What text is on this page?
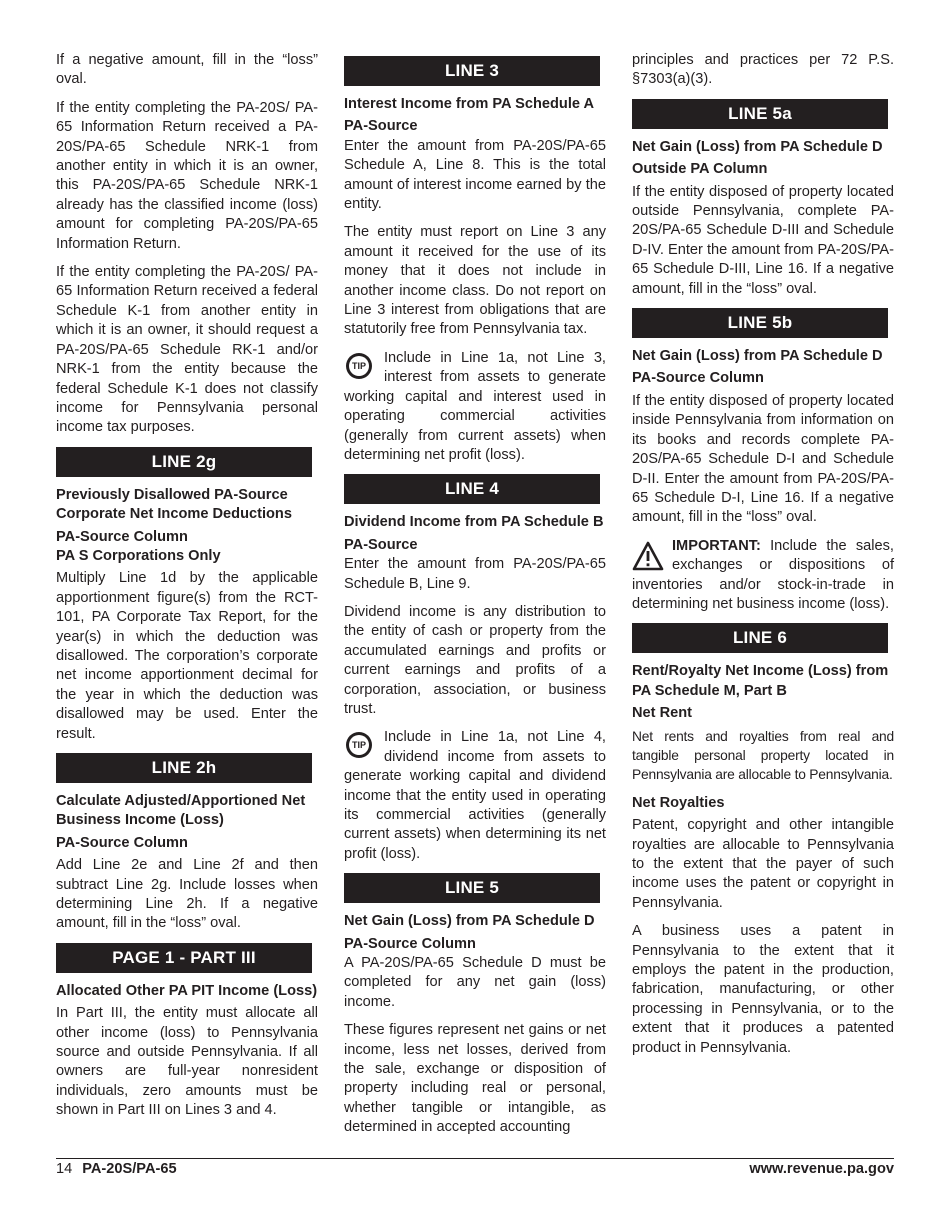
If a negative amount, fill in the “loss” oval.

If the entity completing the PA-20S/ PA-65 Information Return received a PA-20S/PA-65 Schedule NRK-1 from another entity in which it is an owner, this PA-20S/PA-65 Schedule NRK-1 already has the classified income (loss) amount for completing PA-20S/PA-65 Information Return.

If the entity completing the PA-20S/ PA-65 Information Return received a federal Schedule K-1 from another entity in which it is an owner, it should request a PA-20S/PA-65 Schedule RK-1 and/or NRK-1 from the entity because the federal Schedule K-1 does not classify income for Pennsylvania personal income tax purposes.

LINE 2g
Previously Disallowed PA-Source Corporate Net Income Deductions
PA-Source Column
PA S Corporations Only

Multiply Line 1d by the applicable apportionment figure(s) from the RCT-101, PA Corporate Tax Report, for the year(s) in which the deduction was disallowed. The corporation’s corporate net income apportionment decimal for the year in which the deduction was disallowed may be used. Enter the result.

LINE 2h
Calculate Adjusted/Apportioned Net Business Income (Loss)
PA-Source Column

Add Line 2e and Line 2f and then subtract Line 2g. Include losses when determining Line 2h. If a negative amount, fill in the “loss” oval.

PAGE 1 - PART III
Allocated Other PA PIT Income (Loss)

In Part III, the entity must allocate all other income (loss) to Pennsylvania source and outside Pennsylvania. If all owners are full-year nonresident individuals, zero amounts must be shown in Part III on Lines 3 and 4.

LINE 3
Interest Income from PA Schedule A
PA-Source

Enter the amount from PA-20S/PA-65 Schedule A, Line 8. This is the total amount of interest income earned by the entity.

The entity must report on Line 3 any amount it received for the use of its money that it does not include in another income class. Do not report on Line 3 interest from obligations that are statutorily free from Pennsylvania tax.

TIP Include in Line 1a, not Line 3, interest from assets to generate working capital and interest used in operating commercial activities (generally from current assets) when determining net profit (loss).
LINE 4
Dividend Income from PA Schedule B
PA-Source

Enter the amount from PA-20S/PA-65 Schedule B, Line 9.

Dividend income is any distribution to the entity of cash or property from the accumulated earnings and profits or current earnings and profits of a corporation, association, or business trust.

TIP Include in Line 1a, not Line 4, dividend income from assets to generate working capital and dividend income that the entity used in operating its commercial activities (generally current assets) when determining its net profit (loss).
LINE 5
Net Gain (Loss) from PA Schedule D
PA-Source Column

A PA-20S/PA-65 Schedule D must be completed for any net gain (loss) income.

These figures represent net gains or net income, less net losses, derived from the sale, exchange or disposition of property including real or personal, whether tangible or intangible, as determined in accepted accounting

principles and practices per 72 P.S. §7303(a)(3).

LINE 5a
Net Gain (Loss) from PA Schedule D
Outside PA Column

If the entity disposed of property located outside Pennsylvania, complete PA-20S/PA-65 Schedule D-III and Schedule D-IV. Enter the amount from PA-20S/PA-65 Schedule D-III, Line 16. If a negative amount, fill in the “loss” oval.

LINE 5b
Net Gain (Loss) from PA Schedule D
PA-Source Column

If the entity disposed of property located inside Pennsylvania from information on its books and records complete PA-20S/PA-65 Schedule D-I and Schedule D-II. Enter the amount from PA-20S/PA-65 Schedule D-I, Line 16. If a negative amount, fill in the “loss” oval.

IMPORTANT: Include the sales, exchanges or dispositions of inventories and/or stock-in-trade in determining net business income (loss).
LINE 6
Rent/Royalty Net Income (Loss) from PA Schedule M, Part B
Net Rent

Net rents and royalties from real and tangible personal property located in Pennsylvania are allocable to Pennsylvania.

Net Royalties

Patent, copyright and other intangible royalties are allocable to Pennsylvania to the extent that the payer of such income uses the patent or copyright in Pennsylvania.

A business uses a patent in Pennsylvania to the extent that it employs the patent in the production, fabrication, manufacturing, or other processing in Pennsylvania, or to the extent that it produces a patented product in Pennsylvania.

14 PA-20S/PA-65	www.revenue.pa.gov
